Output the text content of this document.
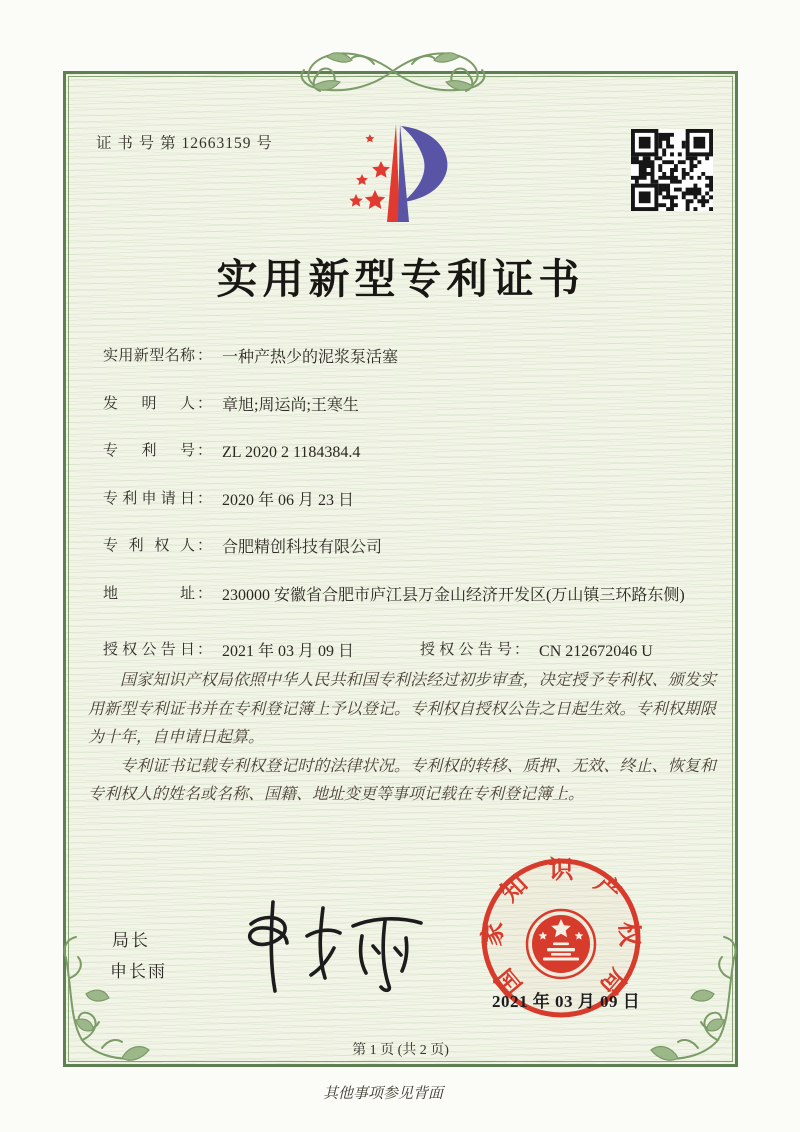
证 书 号 第 12663159 号
实用新型专利证书
实用新型名称 ： 一种产热少的泥浆泵活塞
发明人 ： 章旭;周运尚;王寒生
专利号 ： ZL 2020 2 1184384.4
专利申请日 ： 2020 年 06 月 23 日
专利权人 ： 合肥精创科技有限公司
地址 ： 230000 安徽省合肥市庐江县万金山经济开发区(万山镇三环路东侧)
授权公告日 ： 2021 年 03 月 09 日	授权公告号 ： CN 212672046 U

国家知识产权局依照中华人民共和国专利法经过初步审查，决定授予专利权、颁发实用新型专利证书并在专利登记簿上予以登记。专利权自授权公告之日起生效。专利权期限为十年，自申请日起算。

专利证书记载专利权登记时的法律状况。专利权的转移、质押、无效、终止、恢复和专利权人的姓名或名称、国籍、地址变更等事项记载在专利登记簿上。

局长
申长雨	国
家
知 识 产
权
局
2021 年 03 月 09 日
第 1 页 (共 2 页)
其他事项参见背面
